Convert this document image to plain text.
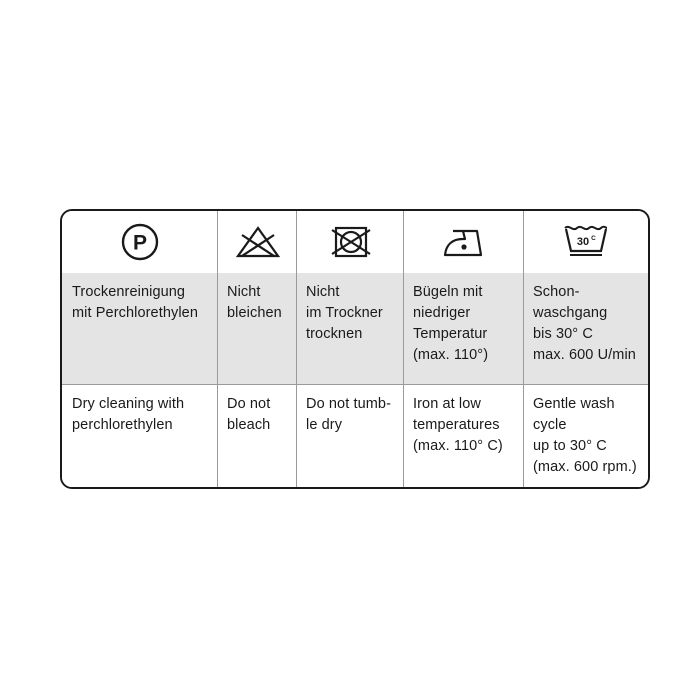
P
Trockenreinigung
mit Perchlorethylen
Dry cleaning with
perchlorethylen
Nicht
bleichen
Do not
bleach
Nicht
im Trockner
trocknen
Do not tumb-
le dry
Bügeln mit
niedriger
Temperatur
(max. 110°)
Iron at low
temperatures
(max. 110° C)
30 C
Schon-
waschgang
bis 30° C
max. 600 U/min
Gentle wash
cycle
up to 30° C
(max. 600 rpm.)
